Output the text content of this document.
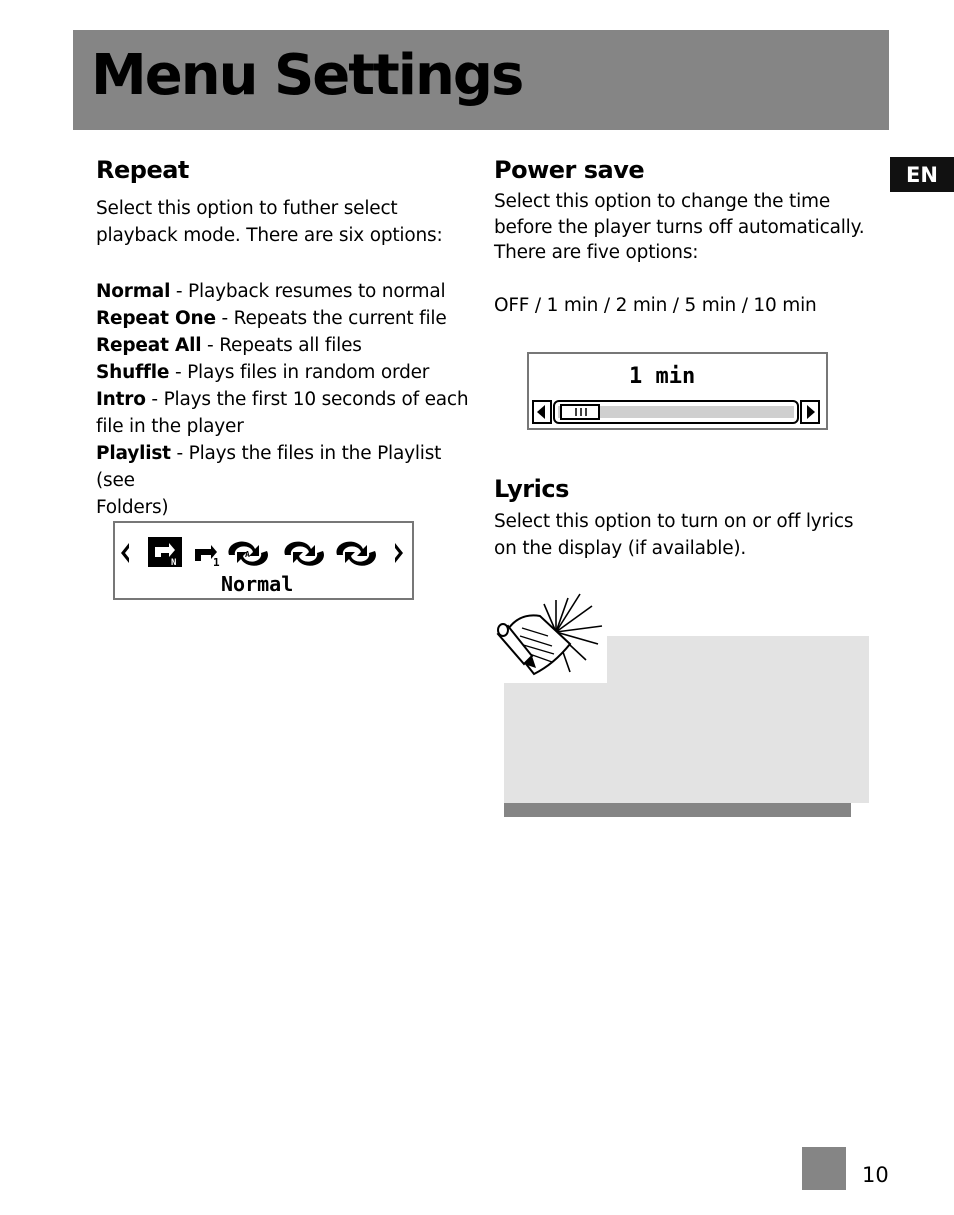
Menu Settings
EN
Repeat
Select this option to futher select
playback mode. There are six options:
Normal - Playback resumes to normal
Repeat One - Repeats the current file
Repeat All - Repeats all files
Shuffle - Plays files in random order
Intro - Plays the first 10 seconds of each
file in the player
Playlist - Plays the files in the Playlist (see
Folders)
N	1
A
Normal
Power save
Select this option to change the time
before the player turns off automatically.
There are five options:
OFF / 1 min / 2 min / 5 min / 10 min
1 min
Lyrics
Select this option to turn on or off lyrics
on the display (if available).
10
